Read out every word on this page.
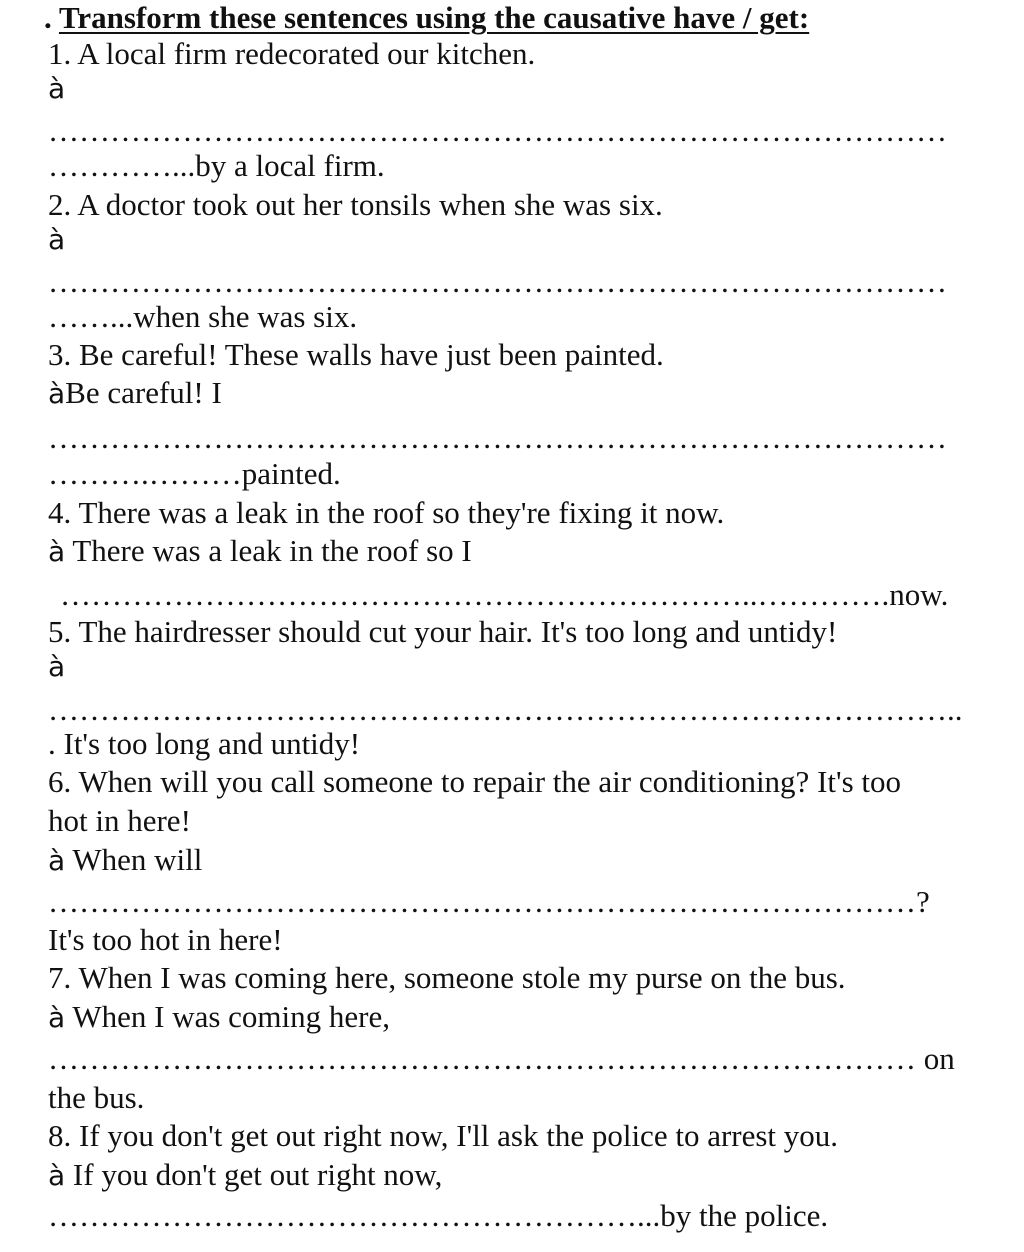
. Transform these sentences using the causative have / get:
1. A local firm redecorated our kitchen.
à
……………………………………………………………………………
…………...by a local firm.
2. A doctor took out her tonsils when she was six.
à
……………………………………………………………………………
……...when she was six.
3. Be careful! These walls have just been painted.
àBe careful! I
……………………………………………………………………………
……….………painted.
4. There was a leak in the roof so they're fixing it now.
à There was a leak in the roof so I
…………………………………………………………..………….now.
5. The hairdresser should cut your hair. It's too long and untidy!
à
……………………………………………………………………………..
. It's too long and untidy!
6. When will you call someone to repair the air conditioning? It's too
hot in here!
à When will
…………………………………………………………………………?
It's too hot in here!
7. When I was coming here, someone stole my purse on the bus.
à When I was coming here,
………………………………………………………………………… on
the bus.
8. If you don't get out right now, I'll ask the police to arrest you.
à If you don't get out right now,
…………………………………………………...by the police.
